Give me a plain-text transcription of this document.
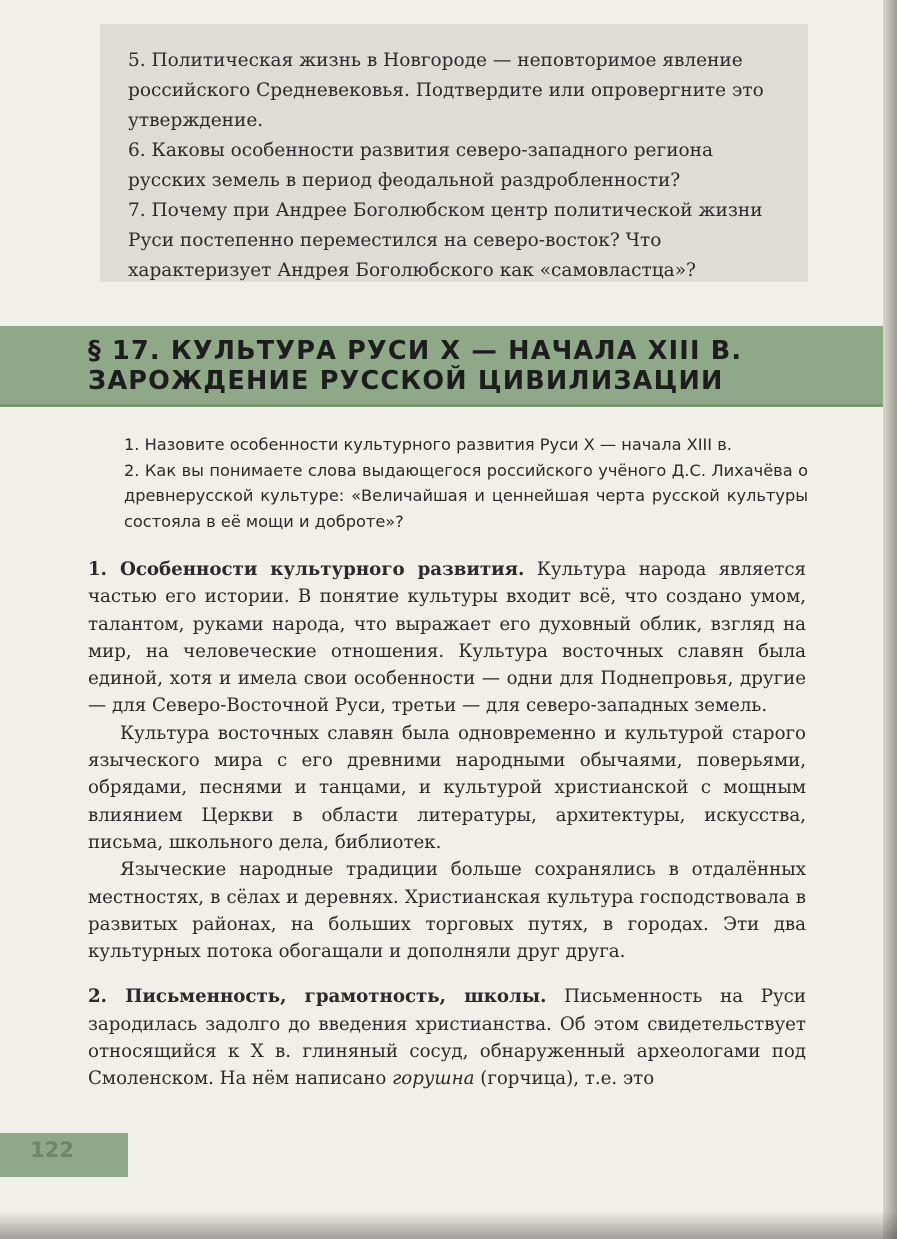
5. Политическая жизнь в Новгороде — неповторимое явление российского Средневековья. Подтвердите или опровергните это утверждение.

6. Каковы особенности развития северо-западного региона русских земель в период феодальной раздробленности?

7. Почему при Андрее Боголюбском центр политической жизни Руси постепенно переместился на северо-восток? Что характеризует Андрея Боголюбского как «самовластца»?

§ 17. КУЛЬТУРА РУСИ X — НАЧАЛА XIII В.
ЗАРОЖДЕНИЕ РУССКОЙ ЦИВИЛИЗАЦИИ

1. Назовите особенности культурного развития Руси X — начала XIII в.

2. Как вы понимаете слова выдающегося российского учёного Д.С. Лихачёва о древнерусской культуре: «Величайшая и ценнейшая черта русской культуры состояла в её мощи и доброте»?

1. Особенности культурного развития. Культура народа является частью его истории. В понятие культуры входит всё, что создано умом, талантом, руками народа, что выражает его духовный облик, взгляд на мир, на человеческие отношения. Культура восточных славян была единой, хотя и имела свои особенности — одни для Поднепровья, другие — для Северо-Восточной Руси, третьи — для северо-западных земель.

Культура восточных славян была одновременно и культурой старого языческого мира с его древними народными обычаями, поверьями, обрядами, песнями и танцами, и культурой христианской с мощным влиянием Церкви в области литературы, архитектуры, искусства, письма, школьного дела, библиотек.

Языческие народные традиции больше сохранялись в отдалённых местностях, в сёлах и деревнях. Христианская культура господствовала в развитых районах, на больших торговых путях, в городах. Эти два культурных потока обогащали и дополняли друг друга.

2. Письменность, грамотность, школы. Письменность на Руси зародилась задолго до введения христианства. Об этом свидетельствует относящийся к X в. глиняный сосуд, обнаруженный археологами под Смоленском. На нём написано горушна (горчица), т.е. это

122
